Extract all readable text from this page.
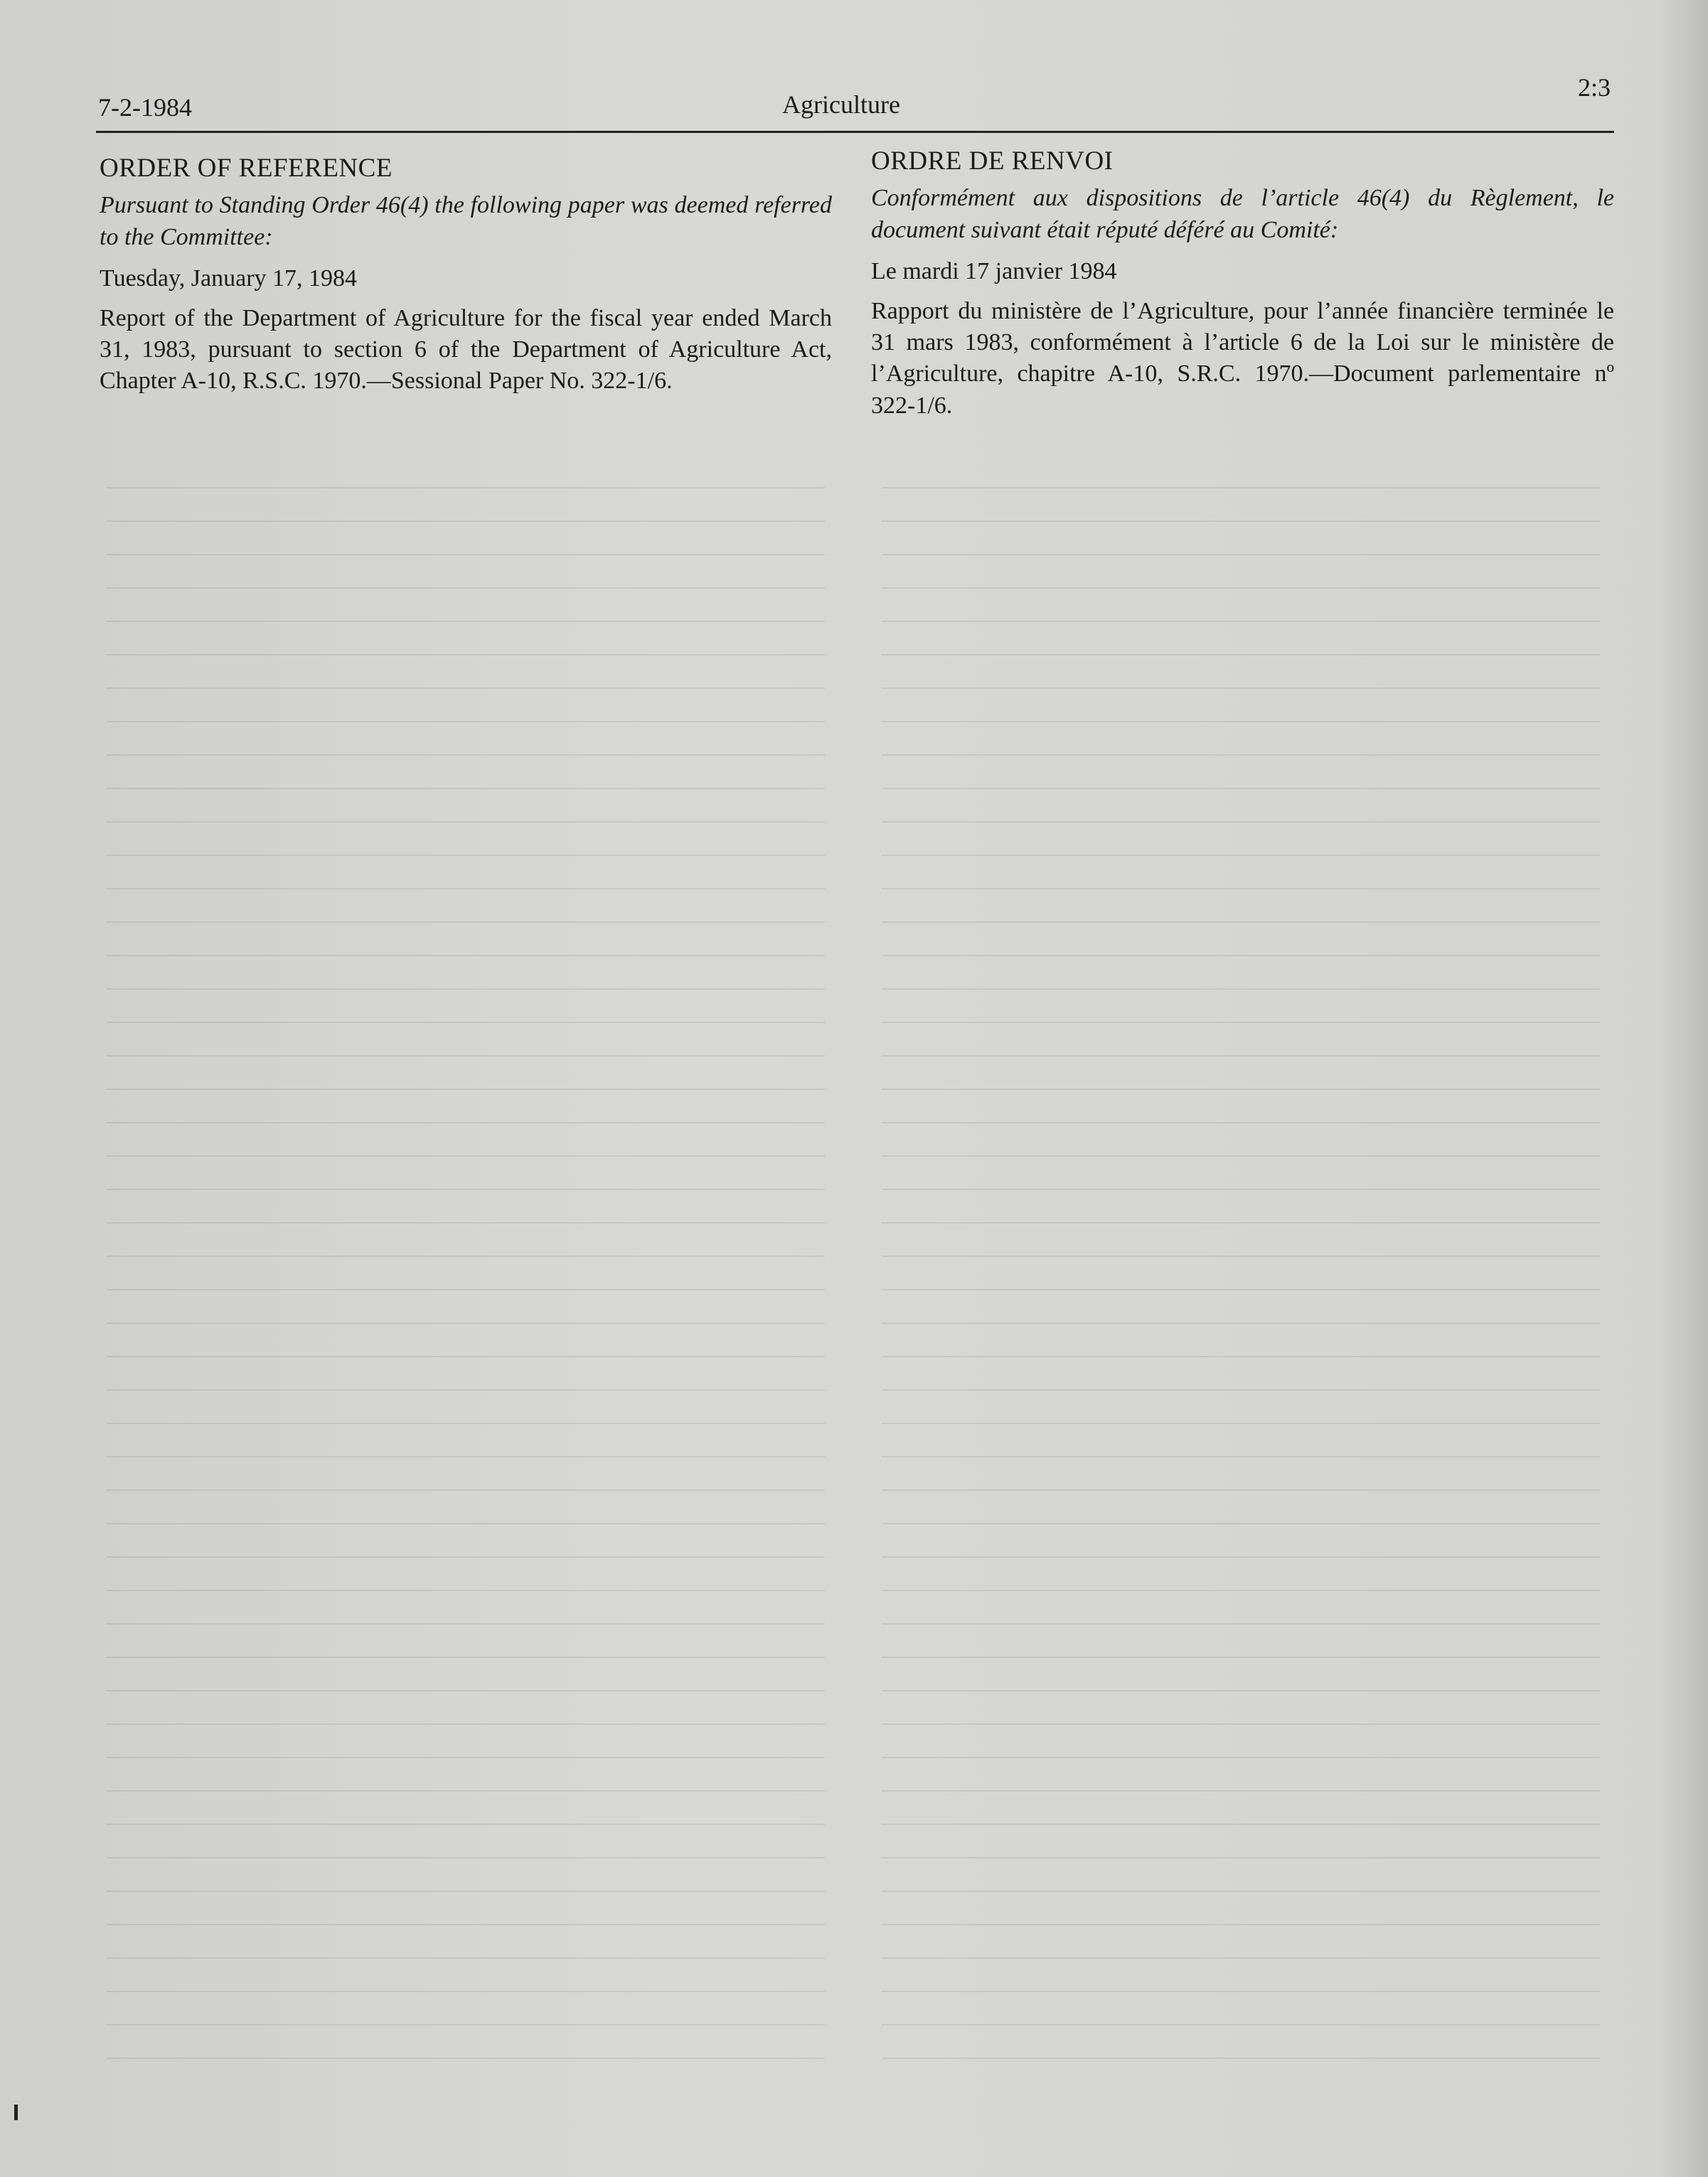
7-2-1984	Agriculture
2:3
ORDER OF REFERENCE
Pursuant to Standing Order 46(4) the following paper was deemed referred to the Committee:
Tuesday, January 17, 1984

Report of the Department of Agriculture for the fiscal year ended March 31, 1983, pursuant to section 6 of the Department of Agriculture Act, Chapter A-10, R.S.C. 1970.—Sessional Paper No. 322-1/6.

ORDRE DE RENVOI
Conformément aux dispositions de l’article 46(4) du Règlement, le document suivant était réputé déféré au Comité:
Le mardi 17 janvier 1984

Rapport du ministère de l’Agriculture, pour l’année financière terminée le 31 mars 1983, conformément à l’article 6 de la Loi sur le ministère de l’Agriculture, chapitre A-10, S.R.C. 1970.—Document parlementaire nº 322-1/6.
